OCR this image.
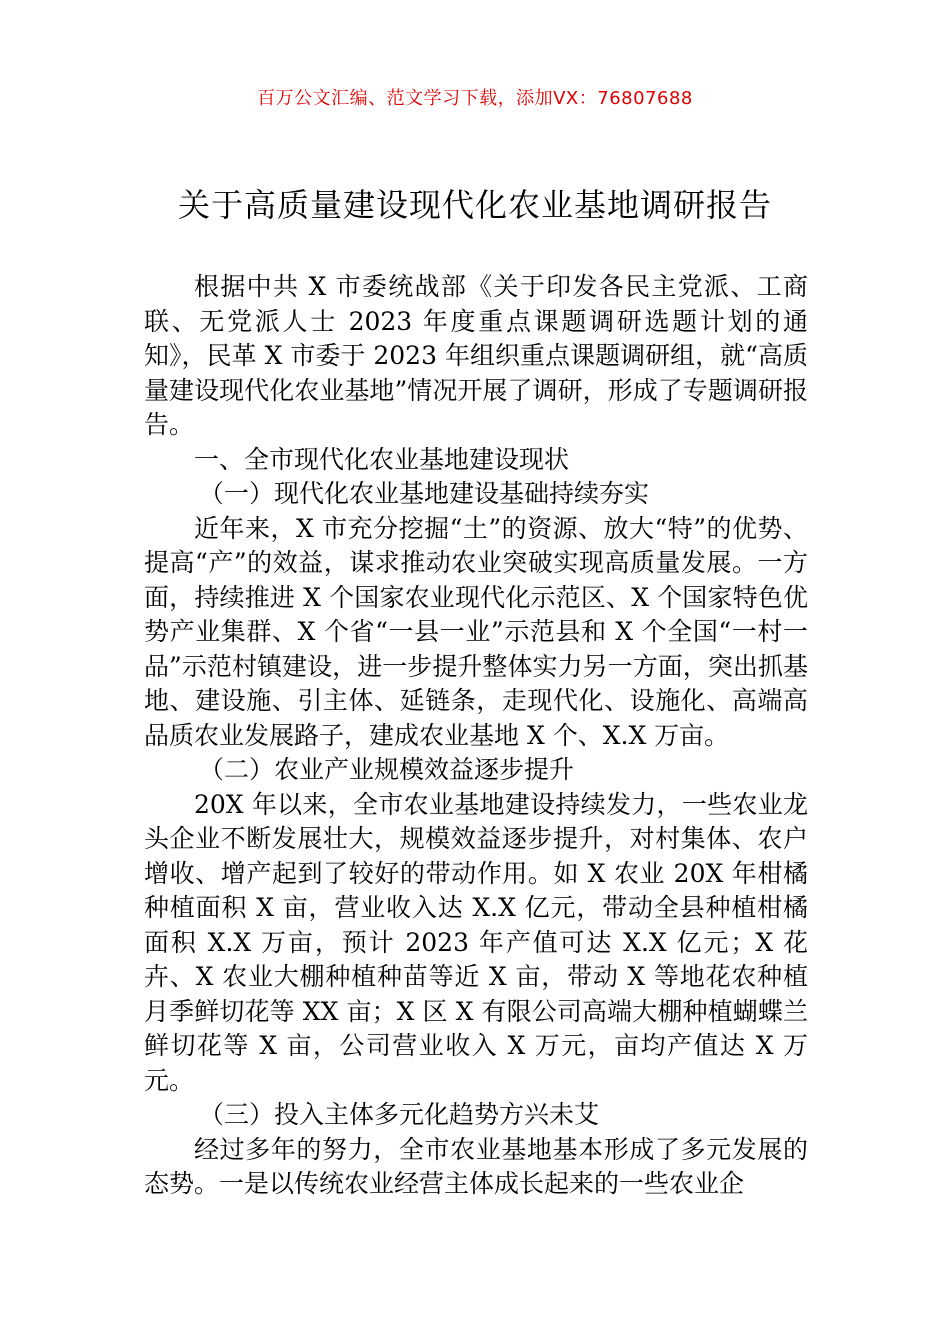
百万公文汇编、范文学习下载，添加VX：76807688
关于高质量建设现代化农业基地调研报告

根据中共 X 市委统战部《关于印发各民主党派、工商联、无党派人士 2023 年度重点课题调研选题计划的通知》，民革 X 市委于 2023 年组织重点课题调研组，就“高质量建设现代化农业基地”情况开展了调研，形成了专题调研报告。

一、全市现代化农业基地建设现状

（一）现代化农业基地建设基础持续夯实

近年来，X 市充分挖掘“土”的资源、放大“特”的优势、提高“产”的效益，谋求推动农业突破实现高质量发展。一方面，持续推进 X 个国家农业现代化示范区、X 个国家特色优势产业集群、X 个省“一县一业”示范县和 X 个全国“一村一品”示范村镇建设，进一步提升整体实力另一方面，突出抓基地、建设施、引主体、延链条，走现代化、设施化、高端高品质农业发展路子，建成农业基地 X 个、X.X 万亩。

（二）农业产业规模效益逐步提升

20X 年以来，全市农业基地建设持续发力，一些农业龙头企业不断发展壮大，规模效益逐步提升，对村集体、农户增收、增产起到了较好的带动作用。如 X 农业 20X 年柑橘种植面积 X 亩，营业收入达 X.X 亿元，带动全县种植柑橘面积 X.X 万亩，预计 2023 年产值可达 X.X 亿元；X 花卉、X 农业大棚种植种苗等近 X 亩，带动 X 等地花农种植月季鲜切花等 XX 亩；X 区 X 有限公司高端大棚种植蝴蝶兰鲜切花等 X 亩，公司营业收入 X 万元，亩均产值达 X 万元。

（三）投入主体多元化趋势方兴未艾

经过多年的努力，全市农业基地基本形成了多元发展的态势。一是以传统农业经营主体成长起来的一些农业企
